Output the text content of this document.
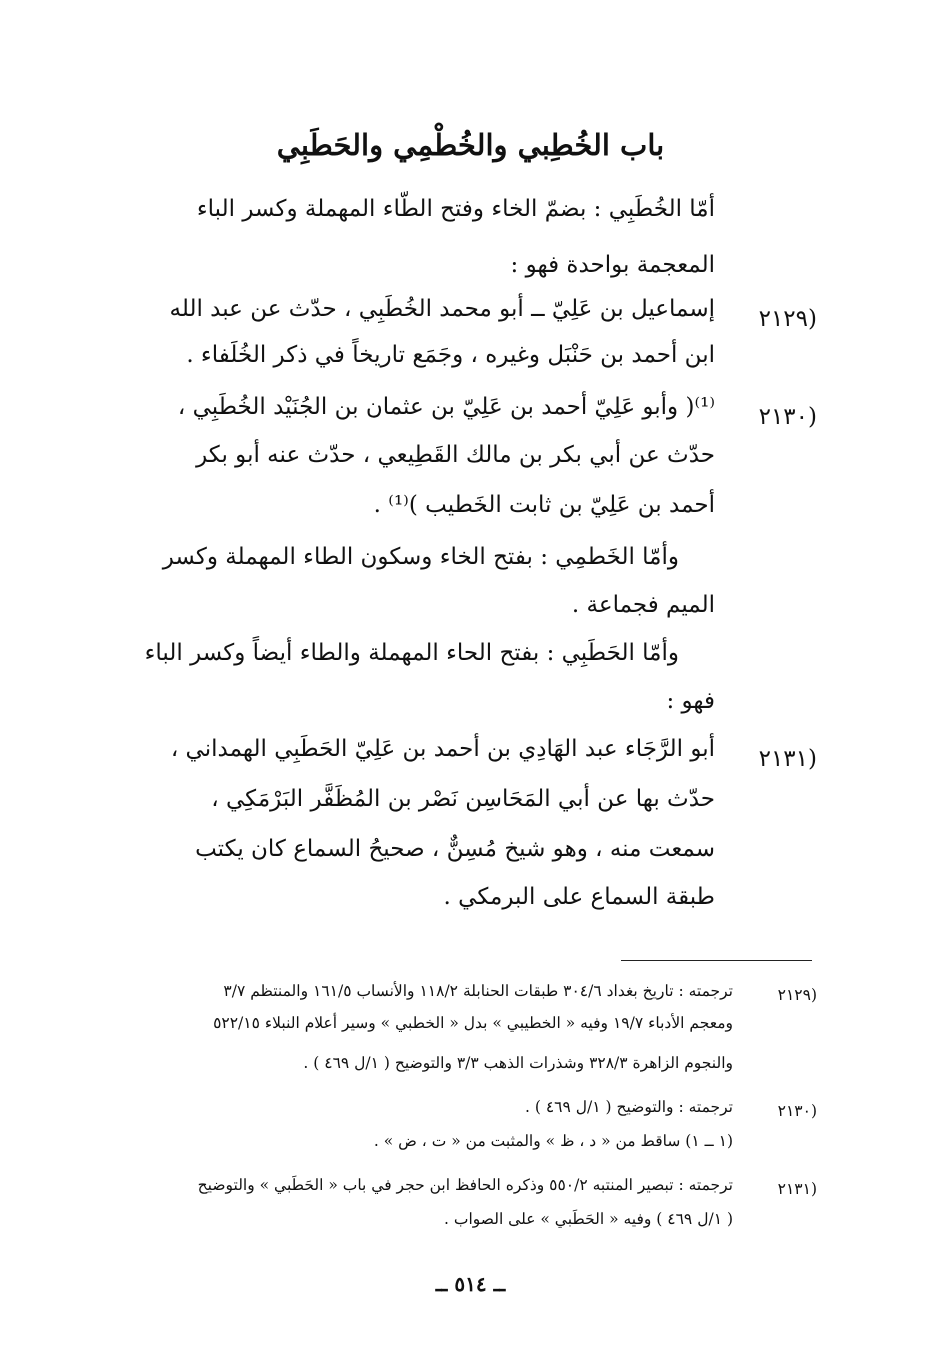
باب الخُطِبي والخُطْمِي والحَطَبِي
أمّا الخُطَبِي : بضمّ الخاء وفتح الطّاء المهملة وكسر الباء
المعجمة بواحدة فهو :
(٢١٢٩
إسماعيل بن عَلِيّ ــ أبو محمد الخُطَبِي ، حدّث عن عبد الله
ابن أحمد بن حَنْبَل وغيره ، وجَمَع تاريخاً في ذكر الخُلَفاء .
(٢١٣٠
⁽¹⁾( وأبو عَلِيّ أحمد بن عَلِيّ بن عثمان بن الجُنَيْد الخُطَبِي ،
حدّث عن أبي بكر بن مالك القَطِيعي ، حدّث عنه أبو بكر
أحمد بن عَلِيّ بن ثابت الخَطيب )⁽¹⁾ .
وأمّا الخَطمِي : بفتح الخاء وسكون الطاء المهملة وكسر
الميم فجماعة .
وأمّا الحَطَبِي : بفتح الحاء المهملة والطاء أيضاً وكسر الباء
فهو :
(٢١٣١
أبو الرَّجَاء عبد الهَادِي بن أحمد بن عَلِيّ الحَطَبِي الهمداني ،
حدّث بها عن أبي المَحَاسِن نَصْر بن المُظَفَّر البَرْمَكِي ،
سمعت منه ، وهو شيخ مُسِنٌّ ، صحيحُ السماع كان يكتب
طبقة السماع على البرمكي .
(٢١٢٩
ترجمته : تاريخ بغداد ٣٠٤/٦ طبقات الحنابلة ١١٨/٢ والأنساب ١٦١/٥ والمنتظم ٣/٧
ومعجم الأدباء ١٩/٧ وفيه « الخطيبي » بدل « الخطبي » وسير أعلام النبلاء ٥٢٢/١٥
والنجوم الزاهرة ٣٢٨/٣ وشذرات الذهب ٣/٣ والتوضيح ( ١/ل ٤٦٩ ) .
(٢١٣٠
ترجمته : والتوضيح ( ١/ل ٤٦٩ ) .
(١ ــ ١) ساقط من « د ، ظ » والمثبت من « ت ، ض » .
(٢١٣١
ترجمته : تبصير المنتبه ٥٥٠/٢ وذكره الحافظ ابن حجر في باب « الحَطَبي » والتوضيح
( ١/ل ٤٦٩ ) وفيه « الحَطَبي » على الصواب .
ــ ٥١٤ ــ
